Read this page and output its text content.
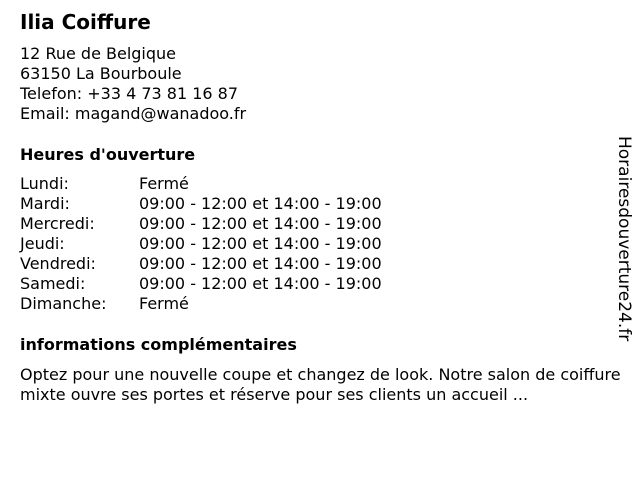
Ilia Coiffure
12 Rue de Belgique
63150 La Bourboule
Telefon: +33 4 73 81 16 87
Email: magand@wanadoo.fr
Heures d'ouverture
Lundi:	Fermé
Mardi:	09:00 - 12:00 et 14:00 - 19:00
Mercredi:	09:00 - 12:00 et 14:00 - 19:00
Jeudi:	09:00 - 12:00 et 14:00 - 19:00
Vendredi:	09:00 - 12:00 et 14:00 - 19:00
Samedi:	09:00 - 12:00 et 14:00 - 19:00
Dimanche:	Fermé
informations complémentaires
Optez pour une nouvelle coupe et changez de look. Notre salon de coiffure mixte ouvre ses portes et réserve pour ses clients un accueil ...
Horairesdouverture24.fr
